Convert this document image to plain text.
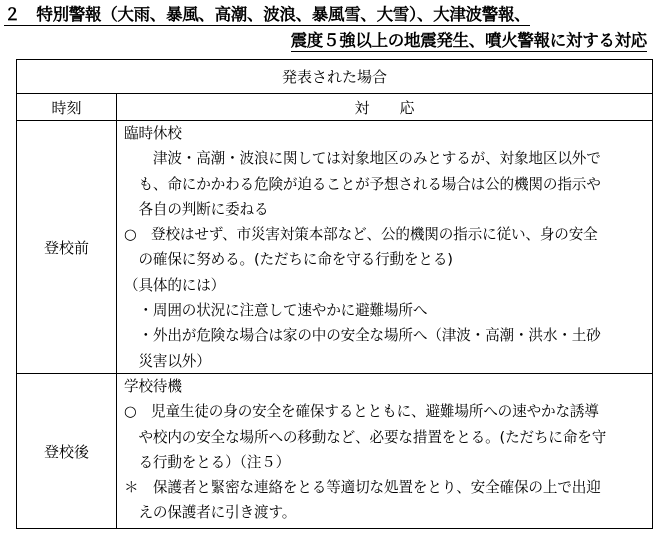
２　特別警報（大雨、暴風、高潮、波浪、暴風雪、大雪）、大津波警報、
震度５強以上の地震発生、噴火警報に対する対応
発表された場合
時刻	対　　応
登校前
臨時休校
　　津波・高潮・波浪に関しては対象地区のみとするが、対象地区以外で
　も、命にかかわる危険が迫ることが予想される場合は公的機関の指示や
　各自の判断に委ねる
○　登校はせず、市災害対策本部など、公的機関の指示に従い、身の安全
　の確保に努める。(ただちに命を守る行動をとる)
（具体的には）
　・周囲の状況に注意して速やかに避難場所へ
　・外出が危険な場合は家の中の安全な場所へ（津波・高潮・洪水・土砂
　災害以外）
登校後
学校待機
○　児童生徒の身の安全を確保するとともに、避難場所への速やかな誘導
　や校内の安全な場所への移動など、必要な措置をとる。(ただちに命を守
　る行動をとる）（注５）
＊　保護者と緊密な連絡をとる等適切な処置をとり、安全確保の上で出迎
　えの保護者に引き渡す。
